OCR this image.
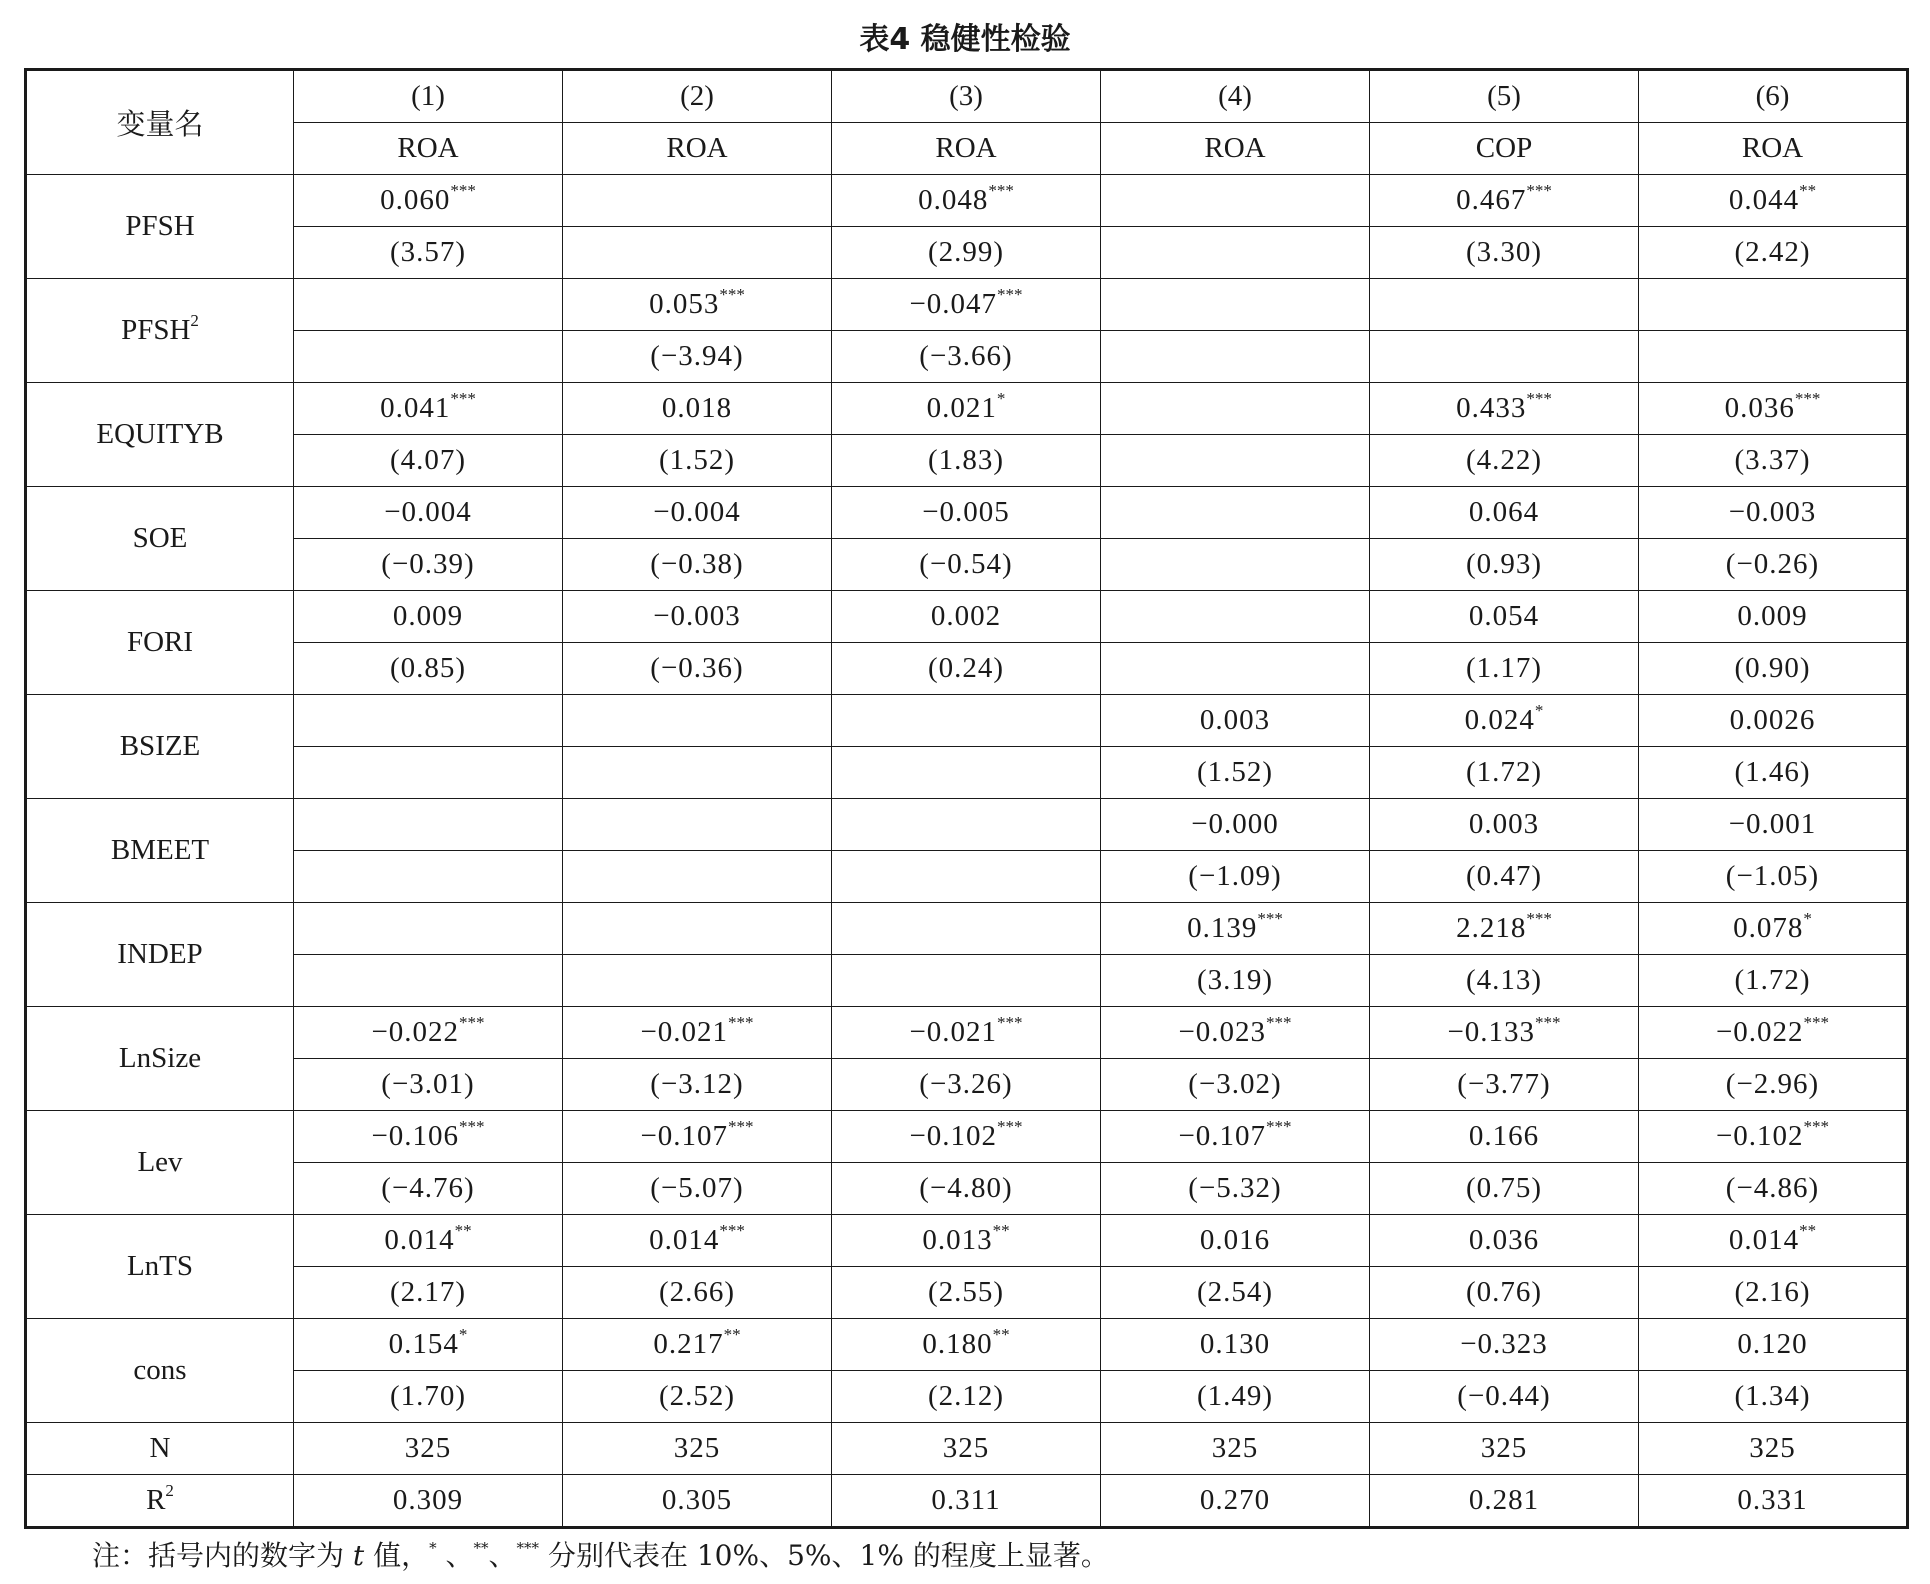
表4 稳健性检验
变量名	(1)	(2)	(3)	(4)	(5)	(6)
	ROA	ROA	ROA	ROA	COP	ROA
PFSH	0.060***		0.048***		0.467***	0.044**
	(3.57)		(2.99)		(3.30)	(2.42)
PFSH$^2$		0.053***	−0.047***			
		(−3.94)	(−3.66)			
EQUITYB	0.041***	0.018	0.021*		0.433***	0.036***
	(4.07)	(1.52)	(1.83)		(4.22)	(3.37)
SOE	−0.004	−0.004	−0.005		0.064	−0.003
	(−0.39)	(−0.38)	(−0.54)		(0.93)	(−0.26)
FORI	0.009	−0.003	0.002		0.054	0.009
	(0.85)	(−0.36)	(0.24)		(1.17)	(0.90)
BSIZE				0.003	0.024*	0.0026
				(1.52)	(1.72)	(1.46)
BMEET				−0.000	0.003	−0.001
				(−1.09)	(0.47)	(−1.05)
INDEP				0.139***	2.218***	0.078*
				(3.19)	(4.13)	(1.72)
LnSize	−0.022***	−0.021***	−0.021***	−0.023***	−0.133***	−0.022***
	(−3.01)	(−3.12)	(−3.26)	(−3.02)	(−3.77)	(−2.96)
Lev	−0.106***	−0.107***	−0.102***	−0.107***	0.166	−0.102***
	(−4.76)	(−5.07)	(−4.80)	(−5.32)	(0.75)	(−4.86)
LnTS	0.014**	0.014***	0.013**	0.016	0.036	0.014**
	(2.17)	(2.66)	(2.55)	(2.54)	(0.76)	(2.16)
cons	0.154*	0.217**	0.180**	0.130	−0.323	0.120
	(1.70)	(2.52)	(2.12)	(1.49)	(−0.44)	(1.34)
N	325	325	325	325	325	325
$R^2$	0.309	0.305	0.311	0.270	0.281	0.331
注：括号内的数字为 t 值，* 、**、*** 分别代表在 10%、5%、1% 的程度上显著。
